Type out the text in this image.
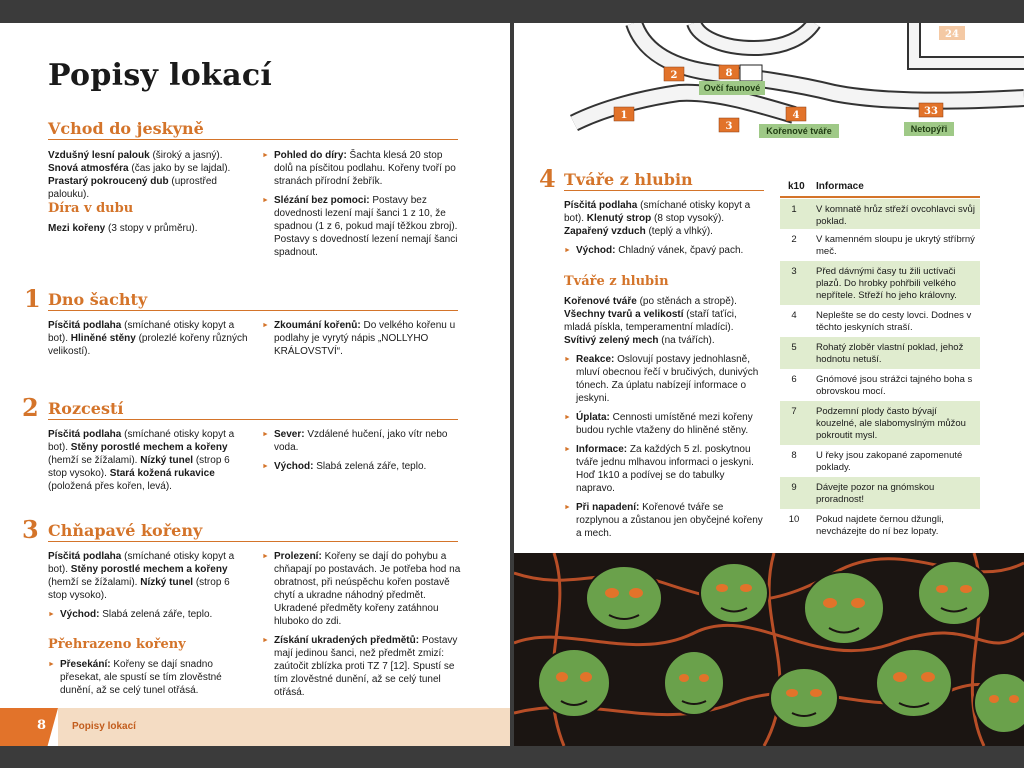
Popisy lokací
Vchod do jeskyně
Vzdušný lesní palouk (široký a jasný). Snová atmosféra (čas jako by se lajdal). Prastarý pokroucený dub (uprostřed palouku).
► Pohled do díry: Šachta klesá 20 stop dolů na písčitou podlahu. Kořeny tvoří po stranách přírodní žebřík.
► Slézání bez pomoci: Postavy bez dovednosti lezení mají šanci 1 z 10, že spadnou (1 z 6, pokud mají těžkou zbroj). Postavy s dovedností lezení nemají šanci spadnout.
Díra v dubu
Mezi kořeny (3 stopy v průměru).
1 Dno šachty
Písčitá podlaha (smíchané otisky kopyt a bot). Hliněné stěny (prolezlé kořeny různých velikostí).
► Zkoumání kořenů: Do velkého kořenu u podlahy je vyrytý nápis „NOLLYHO KRÁLOVSTVÍ“.
2 Rozcestí
Písčitá podlaha (smíchané otisky kopyt a bot). Stěny porostlé mechem a kořeny (hemží se žížalami). Nízký tunel (strop 6 stop vysoko). Stará kožená rukavice (položená přes kořen, levá).
► Sever: Vzdálené hučení, jako vítr nebo voda.
► Východ: Slabá zelená záře, teplo.
3 Chňapavé kořeny
Písčitá podlaha (smíchané otisky kopyt a bot). Stěny porostlé mechem a kořeny (hemží se žížalami). Nízký tunel (strop 6 stop vysoko).
► Východ: Slabá zelená záře, teplo.
Přehrazeno kořeny
► Přesekání: Kořeny se dají snadno přesekat, ale spustí se tím zlověstné dunění, až se celý tunel otřásá.
► Prolezení: Kořeny se dají do pohybu a chňapají po postavách. Je potřeba hod na obratnost, při neúspěchu kořen postavě chytí a ukradne náhodný předmět. Ukradené předměty kořeny zatáhnou hluboko do zdi.
► Získání ukradených předmětů: Postavy mají jedinou šanci, než předmět zmizí: zaútočit zblízka proti TZ 7 [12]. Spustí se tím zlověstné dunění, až se celý tunel otřásá.
8	Popisy lokací
1
2
3
4
8
33
24
Ovčí faunové
Kořenové tváře	Netopýři
4 Tváře z hlubin
Písčitá podlaha (smíchané otisky kopyt a bot). Klenutý strop (8 stop vysoký). Zapařený vzduch (teplý a vlhký).
► Východ: Chladný vánek, čpavý pach.
Tváře z hlubin
Kořenové tváře (po stěnách a stropě). Všechny tvarů a velikostí (staří taťíci, mladá pískla, temperamentní mladíci). Svítivý zelený mech (na tvářích).
► Reakce: Oslovují postavy jednohlasně, mluví obecnou řečí v bručivých, dunivých tónech. Za úplatu nabízejí informace o jeskyni.
► Úplata: Cennosti umístěné mezi kořeny budou rychle vtaženy do hliněné stěny.
► Informace: Za každých 5 zl. poskytnou tváře jednu mlhavou informaci o jeskyni. Hoď 1k10 a podívej se do tabulky napravo.
► Při napadení: Kořenové tváře se rozplynou a zůstanou jen obyčejné kořeny a mech.
k10 Informace
1	V komnatě hrůz střeží ovcohlavci svůj poklad.
2	V kamenném sloupu je ukrytý stříbrný meč.
3	Před dávnými časy tu žili uctívači plazů. Do hrobky pohřbili velkého nepřítele. Střeží ho jeho královny.
4	Neplešte se do cesty lovci. Dodnes v těchto jeskyních straší.
5	Rohatý zloběr vlastní poklad, jehož hodnotu netuší.
6	Gnómové jsou strážci tajného boha s obrovskou mocí.
7	Podzemní plody často bývají kouzelné, ale slabomyslným můžou pokroutit mysl.
8	U řeky jsou zakopané zapomenuté poklady.
9	Dávejte pozor na gnómskou proradnost!
10	Pokud najdete černou džungli, nevcházejte do ní bez lopaty.
